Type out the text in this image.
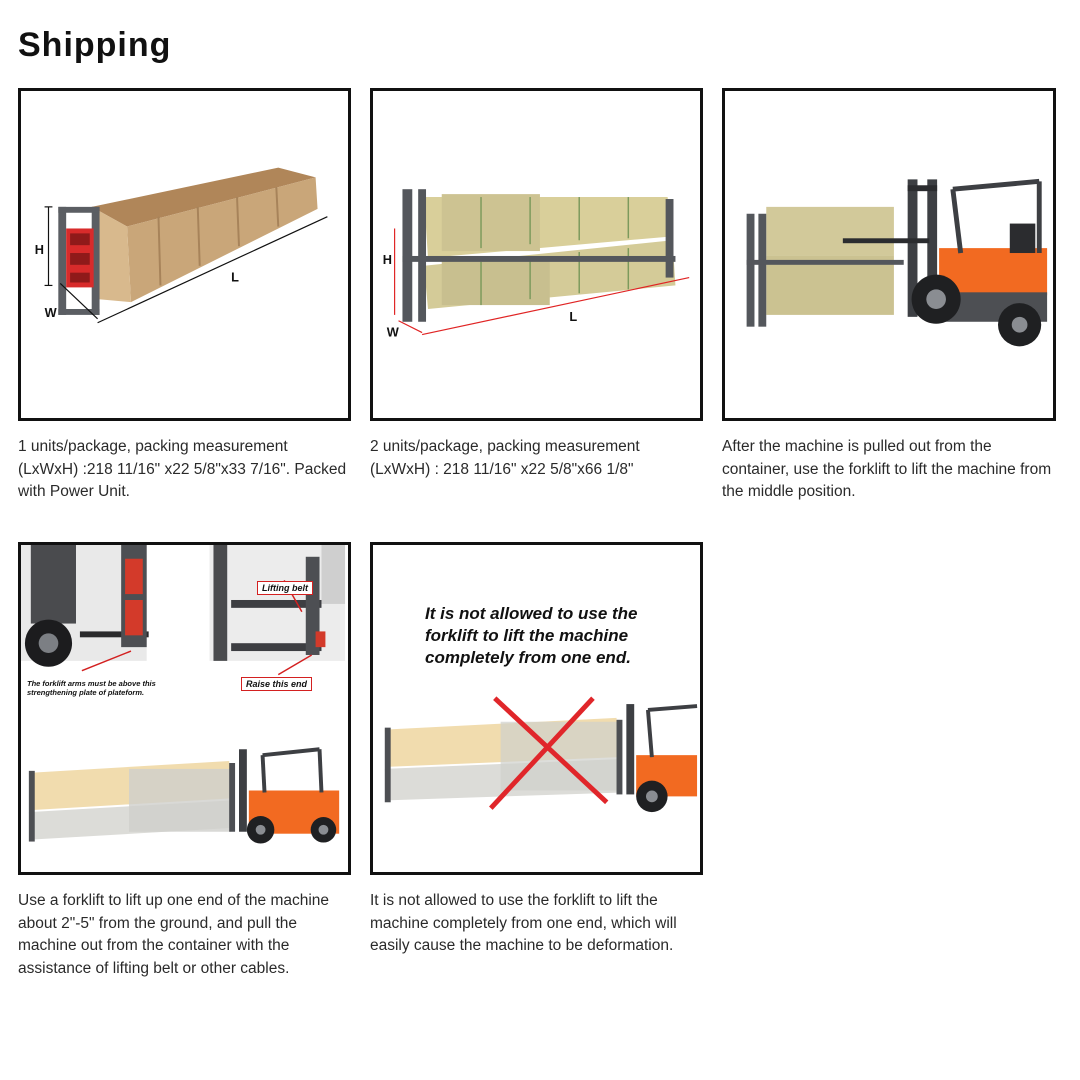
Shipping
H
W
L
1 units/package, packing measurement (LxWxH) :218 11/16" x22 5/8"x33 7/16". Packed with Power Unit.
H
W
L
2 units/package, packing measurement (LxWxH) : 218 11/16" x22 5/8"x66 1/8"
After the machine is pulled out from the container, use the forklift to lift the machine from the middle position.
The forklift arms must be above this strengthening plate of plateform.
Lifting belt
Raise this end
Use a forklift to lift up one end of the machine about 2"-5" from the ground, and pull the machine out from the container with the assistance of lifting belt or other cables.
It is not allowed to use the forklift to lift the machine completely from one end.
It is not allowed to use the forklift to lift the machine completely from one end, which will easily cause the machine to be deformation.
